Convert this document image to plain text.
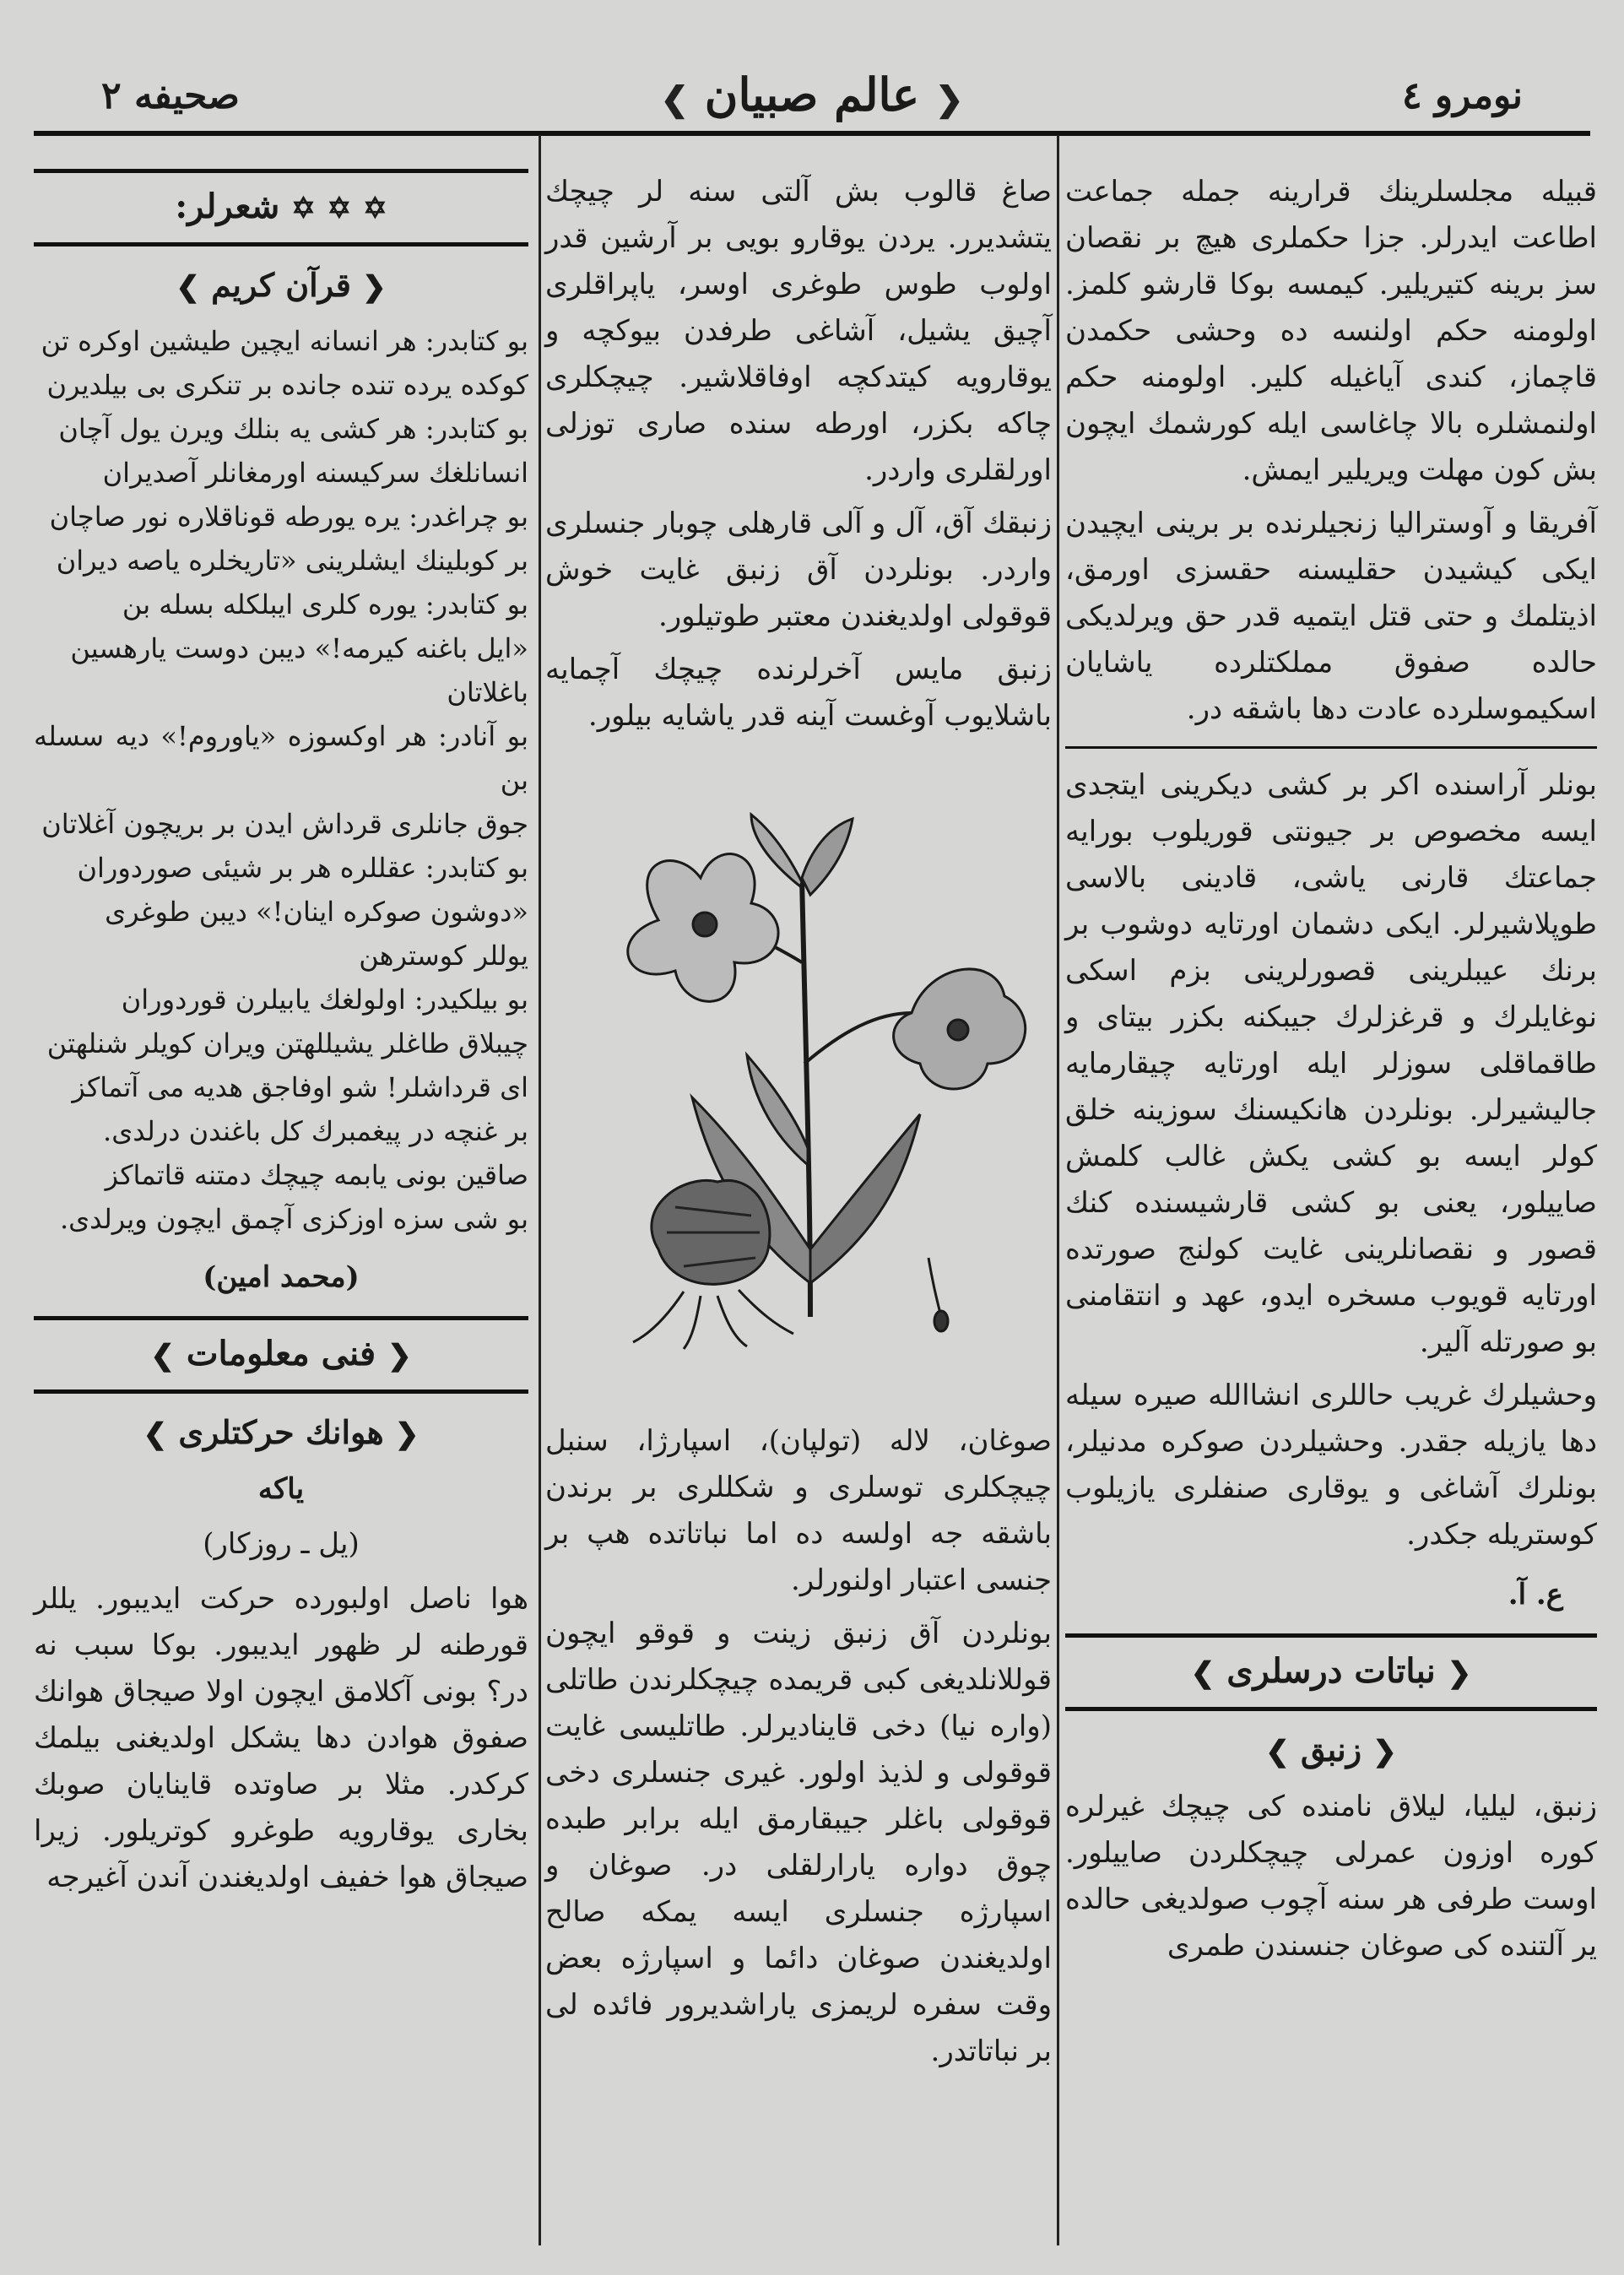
صحیفه ۲	❮ عالم صبیان ❯	نومرو ٤

قبیله مجلسلرینك قرارینه جمله جماعت اطاعت ایدرلر. جزا حكملری هیچ بر نقصان سز برینه كتیریلیر. كیمسه بوكا قارشو كلمز. اولومنه حكم اولنسه ده وحشی حكمدن قاچماز، كندی آیاغیله كلیر. اولومنه حكم اولنمشلره بالا چاغاسی ایله كورشمك ایچون بش كون مهلت ویریلیر ایمش.

آفریقا و آوستراليا زنجیلرنده بر برینی ایچیدن ایكی كیشیدن حقلیسنه حقسزی اورمق، اذیتلمك و حتی قتل ایتمیه قدر حق ویرلدیكی حالده صفوق مملكتلرده یاشایان اسكیموسلرده عادت دها باشقه در.

بونلر آراسنده اكر بر كشی دیكرینی ایتجدی ایسه مخصوص بر جیونتی قوریلوب بورایه جماعتك قارنی یاشی، قادینی بالاسی طوپلاشیرلر. ایكی دشمان اورتایه دوشوب بر برنك عیبلرینی قصورلرینی بزم اسكی نوغایلرك و قرغزلرك جیبكنه بكزر بیتای و طاقماقلی سوزلر ایله اورتایه چیقارمایه جالیشیرلر. بونلردن هانكیسنك سوزینه خلق كولر ایسه بو كشی یكش غالب كلمش صاییلور، یعنی بو كشی قارشیسنده كنك قصور و نقصانلرینی غایت كولنج صورتده اورتایه قویوب مسخره ایدو، عهد و انتقامنی بو صورتله آلیر.

وحشیلرك غریب حاللری انشاالله صیره سیله دها یازیله جقدر. وحشیلردن صوكره مدنیلر، بونلرك آشاغی و یوقاری صنفلری یازیلوب كوستریله جكدر.

ع. آ.
❮ نباتات درسلری ❯
❮ زنبق ❯

زنبق، لیلیا، لیلاق نامنده كی چیچك غیرلره كوره اوزون عمرلی چیچكلردن صاییلور. اوست طرفی هر سنه آچوب صولدیغی حالده یر آلتنده كی صوغان جنسندن طمری

صاغ قالوب بش آلتی سنه لر چیچك یتشدیرر. یردن یوقارو بویی بر آرشین قدر اولوب طوس طوغری اوسر، یاپراقلری آچیق یشیل، آشاغی طرفدن بیوكچه و یوقارویه كیتدكچه اوفاقلاشیر. چیچكلری چاكه بكزر، اورطه سنده صاری توزلی اورلقلری واردر.

زنبقك آق، آل و آلی قارهلی چوبار جنسلری واردر. بونلردن آق زنبق غایت خوش قوقولی اولدیغندن معتبر طوتیلور.

زنبق مایس آخرلرنده چیچك آچمایه باشلایوب آوغست آینه قدر یاشایه بیلور.

صوغان، لاله (تولپان)، اسپارژا، سنبل چیچكلری توسلری و شكللری بر برندن باشقه جه اولسه ده اما نباتاتده هپ بر جنسی اعتبار اولنورلر.

بونلردن آق زنبق زینت و قوقو ایچون قوللانلدیغی كبی قریمده چیچكلرندن طاتلی (واره نیا) دخی قاینادیرلر. طاتلیسی غایت قوقولی و لذیذ اولور. غیری جنسلری دخی قوقولی باغلر جیبقارمق ایله برابر طبده چوق دواره یارارلقلی در. صوغان و اسپارژه جنسلری ایسه یمكه صالح اولدیغندن صوغان دائما و اسپارژه بعض وقت سفره لریمزی یاراشدیرور فائده لی بر نباتاتدر.

✡ ✡ ✡ شعرلر:
❮ قرآن كریم ❯
بو كتابدر: هر انسانه ایچین طیشین اوكره تن
كوكده یرده تنده جانده بر تنكری بی بیلدیرن
بو كتابدر: هر كشی یه بنلك ویرن یول آچان
انسانلغك سركیسنه اورمغانلر آصدیران
بو چراغدر: یره یورطه قوناقلاره نور صاچان
بر كوبلینك ایشلرینی «تاریخلره یاصه دیران
بو كتابدر: یوره كلری ایبلكله بسله بن
«ایل باغنه كیرمه!» دیبن دوست یارهسین
باغلاتان
بو آنادر: هر اوكسوزه «یاوروم!» دیه سسله بن
جوق جانلری قرداش ایدن بر بریچون آغلاتان
بو كتابدر: عقللره هر بر شیئی صوردوران
«دوشون صوكره اینان!» دیبن طوغری
یوللر كوسترهن
بو بیلكیدر: اولولغك یابیلرن قوردوران
چیبلاق طاغلر یشیللهتن ویران كویلر شنلهتن
ای قرداشلر! شو اوفاجق هدیه می آتماكز
بر غنچه در پیغمبرك كل باغندن درلدی.
صاقین بونی یابمه چیچك دمتنه قاتماكز
بو شی سزه اوزكزی آچمق ایچون ویرلدی.
(محمد امین)
❮ فنی معلومات ❯
❮ هوانك حركتلری ❯
یاكه
(یل ـ روزكار)

هوا ناصل اولبورده حركت ایدیبور. یللر قورطنه لر ظهور ایدیبور. بوكا سبب نه در؟ بونی آكلامق ایچون اولا صیجاق هوانك صفوق هوادن دها یشكل اولدیغنی بیلمك كركدر. مثلا بر صاوتده قاینایان صوبك بخاری یوقارویه طوغرو كوتریلور. زیرا صیجاق هوا خفیف اولدیغندن آندن آغیرجه
